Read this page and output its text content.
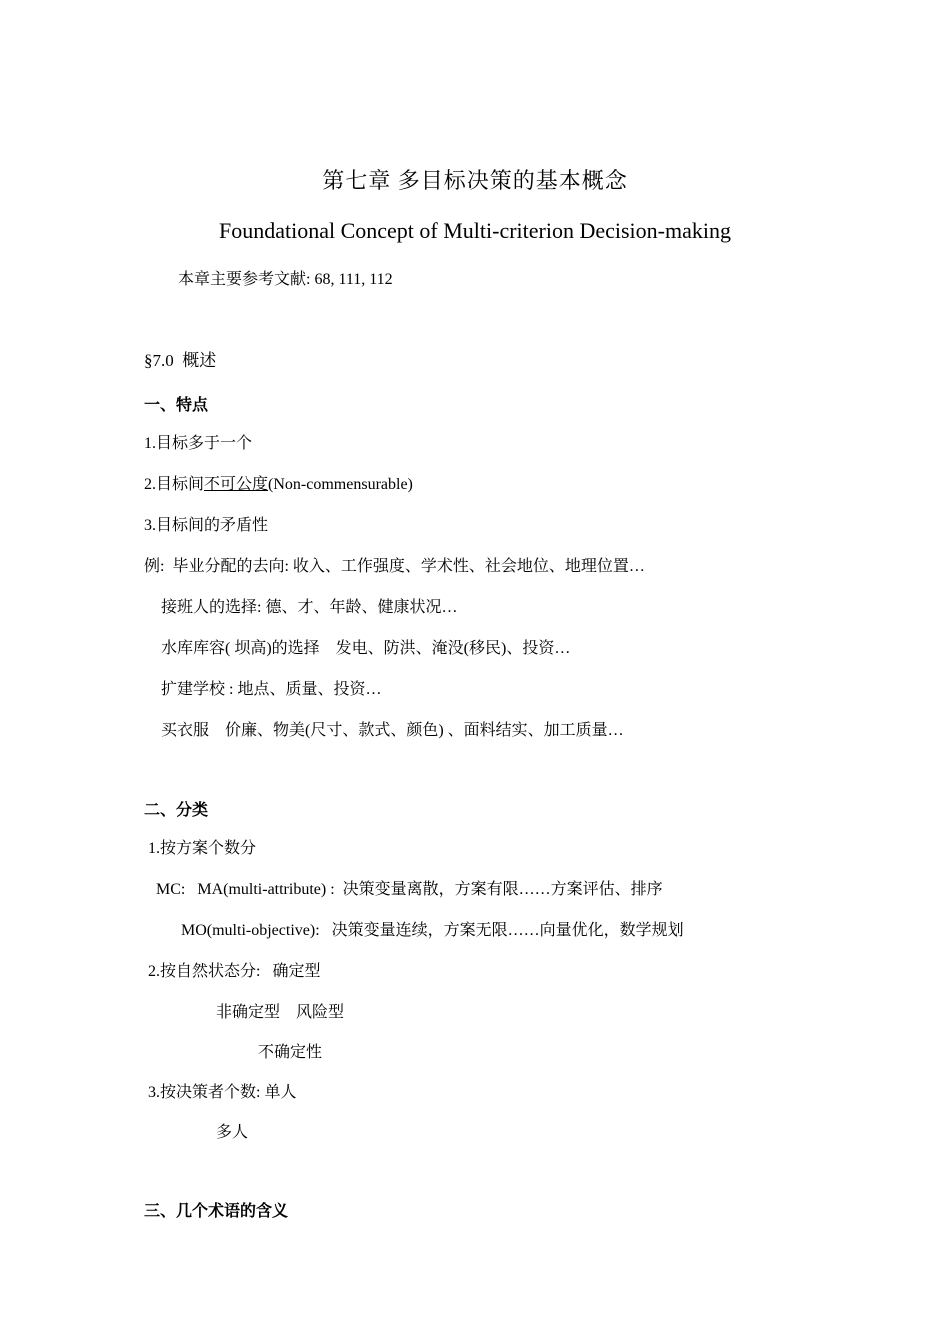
第七章 多目标决策的基本概念
Foundational Concept of Multi-criterion Decision-making
本章主要参考文献: 68, 111, 112
§7.0  概述
一、特点
1.目标多于一个
2.目标间不可公度(Non-commensurable)
3.目标间的矛盾性
例:  毕业分配的去向: 收入、工作强度、学术性、社会地位、地理位置…
接班人的选择: 德、才、年龄、健康状况…
水库库容( 坝高)的选择    发电、防洪、淹没(移民)、投资…
扩建学校 : 地点、质量、投资…
买衣服    价廉、物美(尺寸、款式、颜色) 、面料结实、加工质量…
二、分类
1.按方案个数分
MC:   MA(multi-attribute) :  决策变量离散，方案有限……方案评估、排序
MO(multi-objective):   决策变量连续，方案无限……向量优化，数学规划
2.按自然状态分:   确定型
非确定型    风险型
不确定性
3.按决策者个数: 单人
多人
三、几个术语的含义
